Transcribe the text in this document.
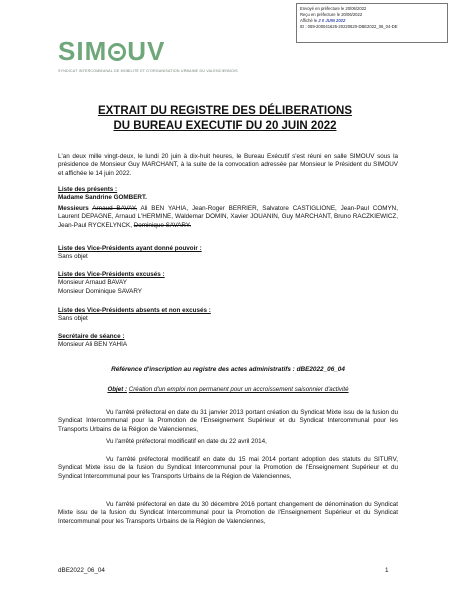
Envoyé en préfecture le 20/06/2022
Reçu en préfecture le 20/06/2022
Affiché le 2 0 JUIN 2022
ID : 059-200041625-20220620-DBE2022_06_04-DE
SIM UV
SYNDICAT INTERCOMMUNAL DE MOBILITÉ ET D'ORGANISATION URBAINE DU VALENCIENNOIS
EXTRAIT DU REGISTRE DES DÉLIBERATIONS
DU BUREAU EXECUTIF DU 20 JUIN 2022
L'an deux mille vingt-deux, le lundi 20 juin à dix-huit heures, le Bureau Exécutif s'est réuni en salle SIMOUV sous la présidence de Monsieur Guy MARCHANT, à la suite de la convocation adressée par Monsieur le Président du SIMOUV et affichée le 14 juin 2022.
Liste des présents :
Madame Sandrine GOMBERT.
Messieurs Arnaud BAVAY, Ali BEN YAHIA, Jean-Roger BERRIER, Salvatore CASTIGLIONE, Jean-Paul COMYN, Laurent DEPAGNE, Arnaud L'HERMINE, Waldemar DOMIN, Xavier JOUANIN, Guy MARCHANT, Bruno RACZKIEWICZ, Jean-Paul RYCKELYNCK, Dominique SAVARY.
Liste des Vice-Présidents ayant donné pouvoir :
Sans objet
Liste des Vice-Présidents excusés :
Monsieur Arnaud BAVAY
Monsieur Dominique SAVARY
Liste des Vice-Présidents absents et non excusés :
Sans objet
Secrétaire de séance :
Monsieur Ali BEN YAHIA
Référence d'inscription au registre des actes administratifs : dBE2022_06_04
Objet : Création d'un emploi non permanent pour un accroissement saisonnier d'activité
Vu l'arrêté préfectoral en date du 31 janvier 2013 portant création du Syndicat Mixte issu de la fusion du Syndicat Intercommunal pour la Promotion de l'Enseignement Supérieur et du Syndicat Intercommunal pour les Transports Urbains de la Région de Valenciennes,
Vu l'arrêté préfectoral modificatif en date du 22 avril 2014,
Vu l'arrêté préfectoral modificatif en date du 15 mai 2014 portant adoption des statuts du SITURV, Syndicat Mixte issu de la fusion du Syndicat Intercommunal pour la Promotion de l'Enseignement Supérieur et du Syndicat Intercommunal pour les Transports Urbains de la Région de Valenciennes,
Vu l'arrêté préfectoral en date du 30 décembre 2016 portant changement de dénomination du Syndicat Mixte issu de la fusion du Syndicat Intercommunal pour la Promotion de l'Enseignement Supérieur et du Syndicat Intercommunal pour les Transports Urbains de la Région de Valenciennes,
dBE2022_06_04	1
